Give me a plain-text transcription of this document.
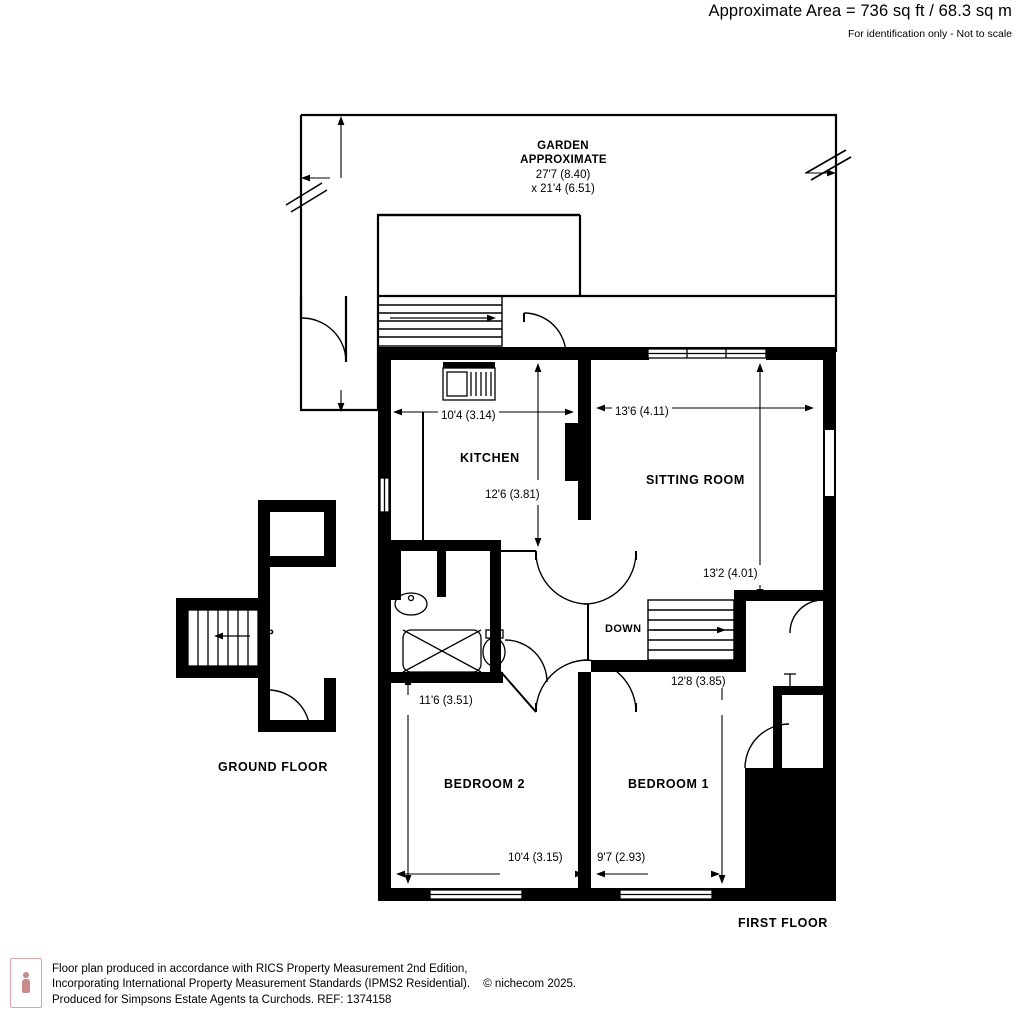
Approximate Area = 736 sq ft / 68.3 sq m
For identification only - Not to scale
GARDEN
APPROXIMATE
27'7 (8.40)
x 21'4 (6.51)
KITCHEN
SITTING ROOM
BEDROOM 2	BEDROOM 1
10'4 (3.14)	13'6 (4.11)
12'6 (3.81)
13'2 (4.01)
11'6 (3.51)
10'4 (3.15)	9'7 (2.93)
12'8 (3.85)
UP	DOWN
GROUND FLOOR
FIRST FLOOR
Floor plan produced in accordance with RICS Property Measurement 2nd Edition,
Incorporating International Property Measurement Standards (IPMS2 Residential). © nichecom 2025.
Produced for Simpsons Estate Agents ta Curchods. REF: 1374158
